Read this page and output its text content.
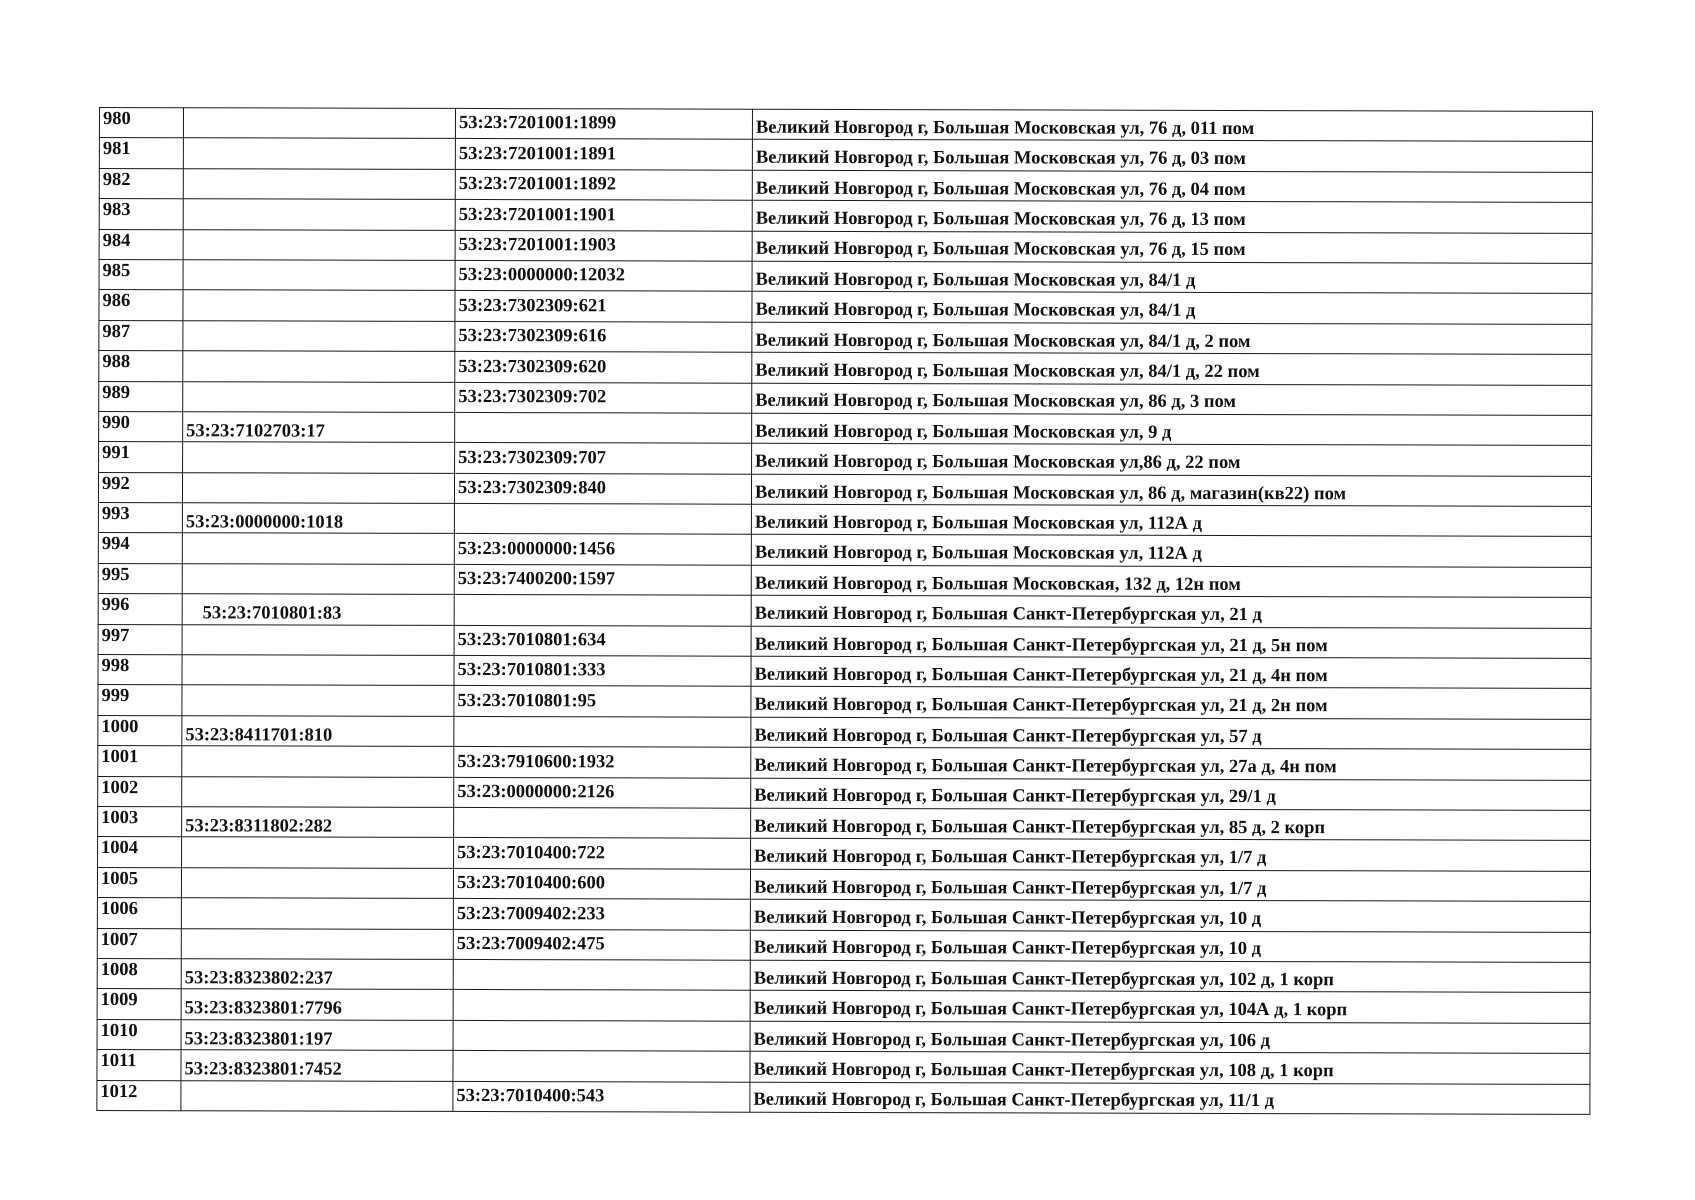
980		53:23:7201001:1899	Великий Новгород г, Большая Московская ул, 76 д, 011 пом
981		53:23:7201001:1891	Великий Новгород г, Большая Московская ул, 76 д, 03 пом
982		53:23:7201001:1892	Великий Новгород г, Большая Московская ул, 76 д, 04 пом
983		53:23:7201001:1901	Великий Новгород г, Большая Московская ул, 76 д, 13 пом
984		53:23:7201001:1903	Великий Новгород г, Большая Московская ул, 76 д, 15 пом
985		53:23:0000000:12032	Великий Новгород г, Большая Московская ул, 84/1 д
986		53:23:7302309:621	Великий Новгород г, Большая Московская ул, 84/1 д
987		53:23:7302309:616	Великий Новгород г, Большая Московская ул, 84/1 д, 2 пом
988		53:23:7302309:620	Великий Новгород г, Большая Московская ул, 84/1 д, 22 пом
989		53:23:7302309:702	Великий Новгород г, Большая Московская ул, 86 д, 3 пом
990	53:23:7102703:17		Великий Новгород г, Большая Московская ул, 9 д
991		53:23:7302309:707	Великий Новгород г, Большая Московская ул,86 д, 22 пом
992		53:23:7302309:840	Великий Новгород г, Большая Московская ул, 86 д, магазин(кв22) пом
993	53:23:0000000:1018		Великий Новгород г, Большая Московская ул, 112А д
994		53:23:0000000:1456	Великий Новгород г, Большая Московская ул, 112А д
995		53:23:7400200:1597	Великий Новгород г, Большая Московская, 132 д, 12н пом
996	53:23:7010801:83		Великий Новгород г, Большая Санкт-Петербургская ул, 21 д
997		53:23:7010801:634	Великий Новгород г, Большая Санкт-Петербургская ул, 21 д, 5н пом
998		53:23:7010801:333	Великий Новгород г, Большая Санкт-Петербургская ул, 21 д, 4н пом
999		53:23:7010801:95	Великий Новгород г, Большая Санкт-Петербургская ул, 21 д, 2н пом
1000	53:23:8411701:810		Великий Новгород г, Большая Санкт-Петербургская ул, 57 д
1001		53:23:7910600:1932	Великий Новгород г, Большая Санкт-Петербургская ул, 27а д, 4н пом
1002		53:23:0000000:2126	Великий Новгород г, Большая Санкт-Петербургская ул, 29/1 д
1003	53:23:8311802:282		Великий Новгород г, Большая Санкт-Петербургская ул, 85 д, 2 корп
1004		53:23:7010400:722	Великий Новгород г, Большая Санкт-Петербургская ул, 1/7 д
1005		53:23:7010400:600	Великий Новгород г, Большая Санкт-Петербургская ул, 1/7 д
1006		53:23:7009402:233	Великий Новгород г, Большая Санкт-Петербургская ул, 10 д
1007		53:23:7009402:475	Великий Новгород г, Большая Санкт-Петербургская ул, 10 д
1008	53:23:8323802:237		Великий Новгород г, Большая Санкт-Петербургская ул, 102 д, 1 корп
1009	53:23:8323801:7796		Великий Новгород г, Большая Санкт-Петербургская ул, 104А д, 1 корп
1010	53:23:8323801:197		Великий Новгород г, Большая Санкт-Петербургская ул, 106 д
1011	53:23:8323801:7452		Великий Новгород г, Большая Санкт-Петербургская ул, 108 д, 1 корп
1012		53:23:7010400:543	Великий Новгород г, Большая Санкт-Петербургская ул, 11/1 д
